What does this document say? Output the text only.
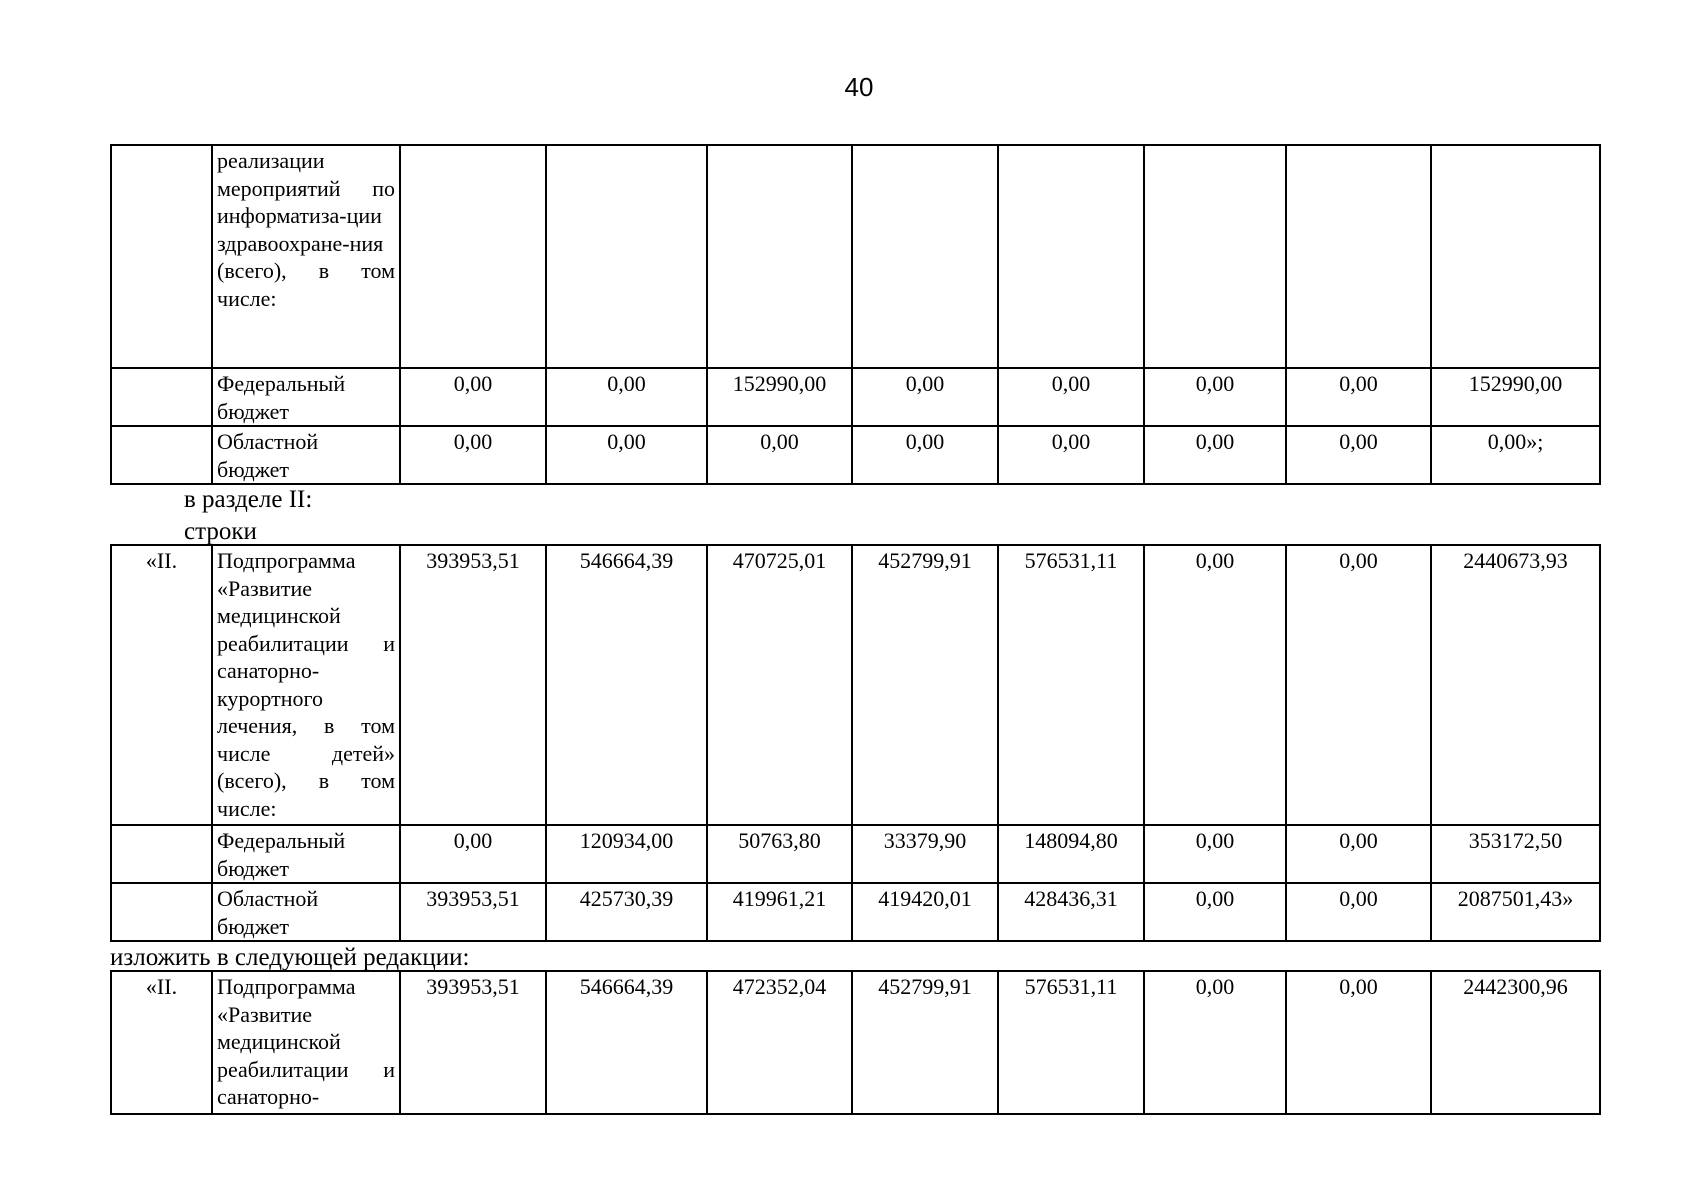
40
	реализации мероприятий по информатиза-ции здравоохране-ния (всего), в том числе:								
	Федеральный бюджет	0,00	0,00	152990,00	0,00	0,00	0,00	0,00	152990,00
	Областной бюджет	0,00	0,00	0,00	0,00	0,00	0,00	0,00	0,00»;
в разделе II:
строки
«II.	Подпрограмма «Развитие медицинской реабилитации и санаторно-курортного лечения, в том числе детей» (всего), в том числе:	393953,51	546664,39	470725,01	452799,91	576531,11	0,00	0,00	2440673,93
	Федеральный бюджет	0,00	120934,00	50763,80	33379,90	148094,80	0,00	0,00	353172,50
	Областной бюджет	393953,51	425730,39	419961,21	419420,01	428436,31	0,00	0,00	2087501,43»
изложить в следующей редакции:
«II.	Подпрограмма «Развитие медицинской реабилитации и санаторно-	393953,51	546664,39	472352,04	452799,91	576531,11	0,00	0,00	2442300,96
